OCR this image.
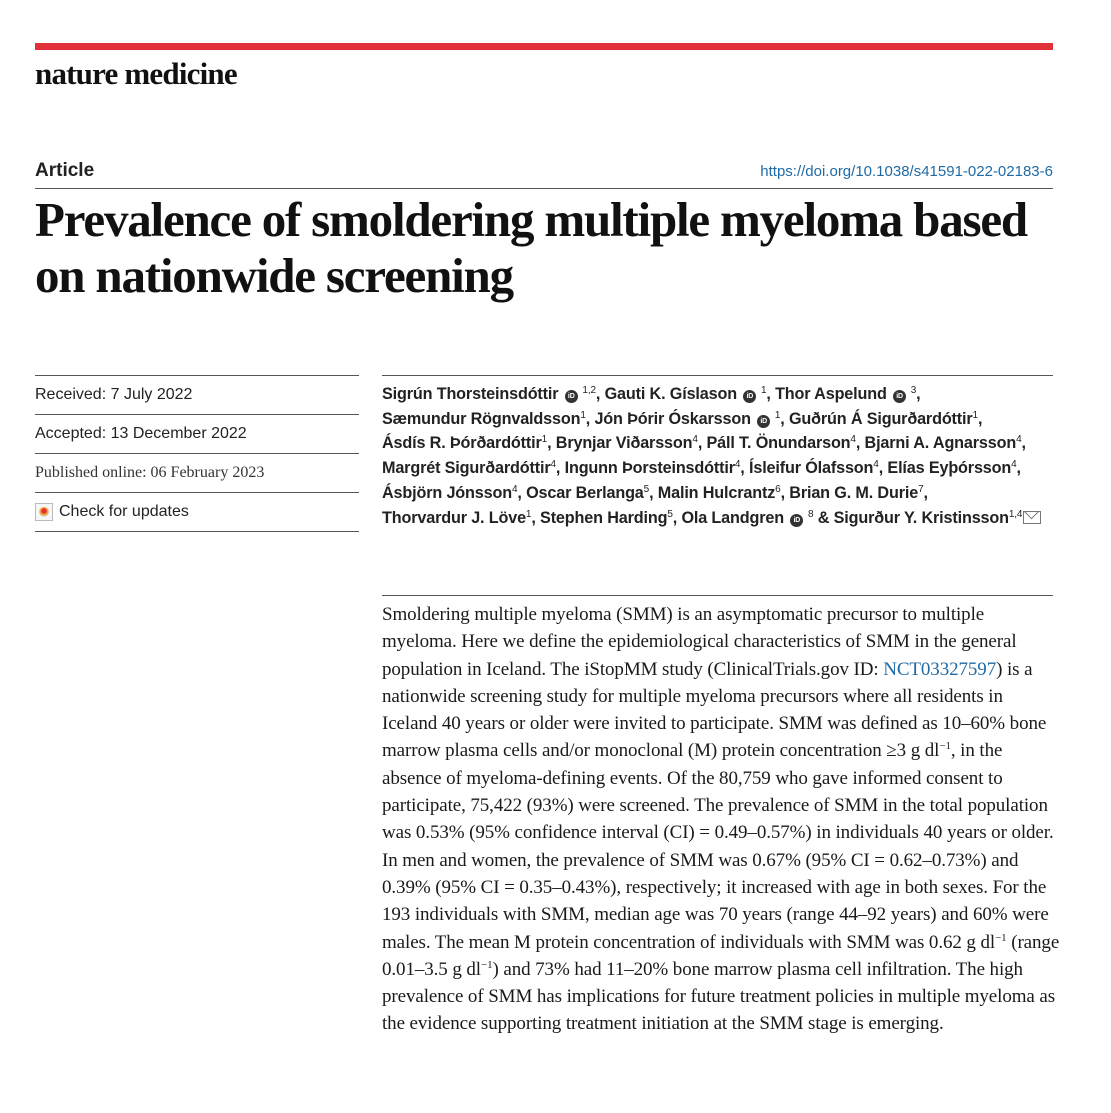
nature medicine
Article	https://doi.org/10.1038/s41591-022-02183-6
Prevalence of smoldering multiple myeloma based on nationwide screening
Received: 7 July 2022
Accepted: 13 December 2022
Published online: 06 February 2023
Check for updates
Sigrún Thorsteinsdóttir iD $^{1,2}$, Gauti K. Gíslason iD $^1$, Thor Aspelund iD $^3$, Sæmundur Rögnvaldsson$^1$, Jón Þórir Óskarsson iD $^1$, Guðrún Á Sigurðardóttir$^1$, Ásdís R. Þórðardóttir$^1$, Brynjar Viðarsson$^4$, Páll T. Önundarson$^4$, Bjarni A. Agnarsson$^4$, Margrét Sigurðardóttir$^4$, Ingunn Þorsteinsdóttir$^4$, Ísleifur Ólafsson$^4$, Elías Eyþórsson$^4$, Ásbjörn Jónsson$^4$, Oscar Berlanga$^5$, Malin Hulcrantz$^6$, Brian G. M. Durie$^7$, Thorvardur J. Löve$^1$, Stephen Harding$^5$, Ola Landgren iD $^8$ & Sigurður Y. Kristinsson$^{1,4}$

Smoldering multiple myeloma (SMM) is an asymptomatic precursor to multiple myeloma. Here we define the epidemiological characteristics of SMM in the general population in Iceland. The iStopMM study (ClinicalTrials.gov ID: NCT03327597) is a nationwide screening study for multiple myeloma precursors where all residents in Iceland 40 years or older were invited to participate. SMM was defined as 10–60% bone marrow plasma cells and/or monoclonal (M) protein concentration ≥3 g $dl^{-1}$, in the absence of myeloma-defining events. Of the 80,759 who gave informed consent to participate, 75,422 (93%) were screened. The prevalence of SMM in the total population was 0.53% (95% confidence interval (CI) = 0.49–0.57%) in individuals 40 years or older. In men and women, the prevalence of SMM was 0.67% (95% CI = 0.62–0.73%) and 0.39% (95% CI = 0.35–0.43%), respectively; it increased with age in both sexes. For the 193 individuals with SMM, median age was 70 years (range 44–92 years) and 60% were males. The mean M protein concentration of individuals with SMM was 0.62 g $dl^{-1}$ (range 0.01–3.5 g $dl^{-1}$) and 73% had 11–20% bone marrow plasma cell infiltration. The high prevalence of SMM has implications for future treatment policies in multiple myeloma as the evidence supporting treatment initiation at the SMM stage is emerging.
